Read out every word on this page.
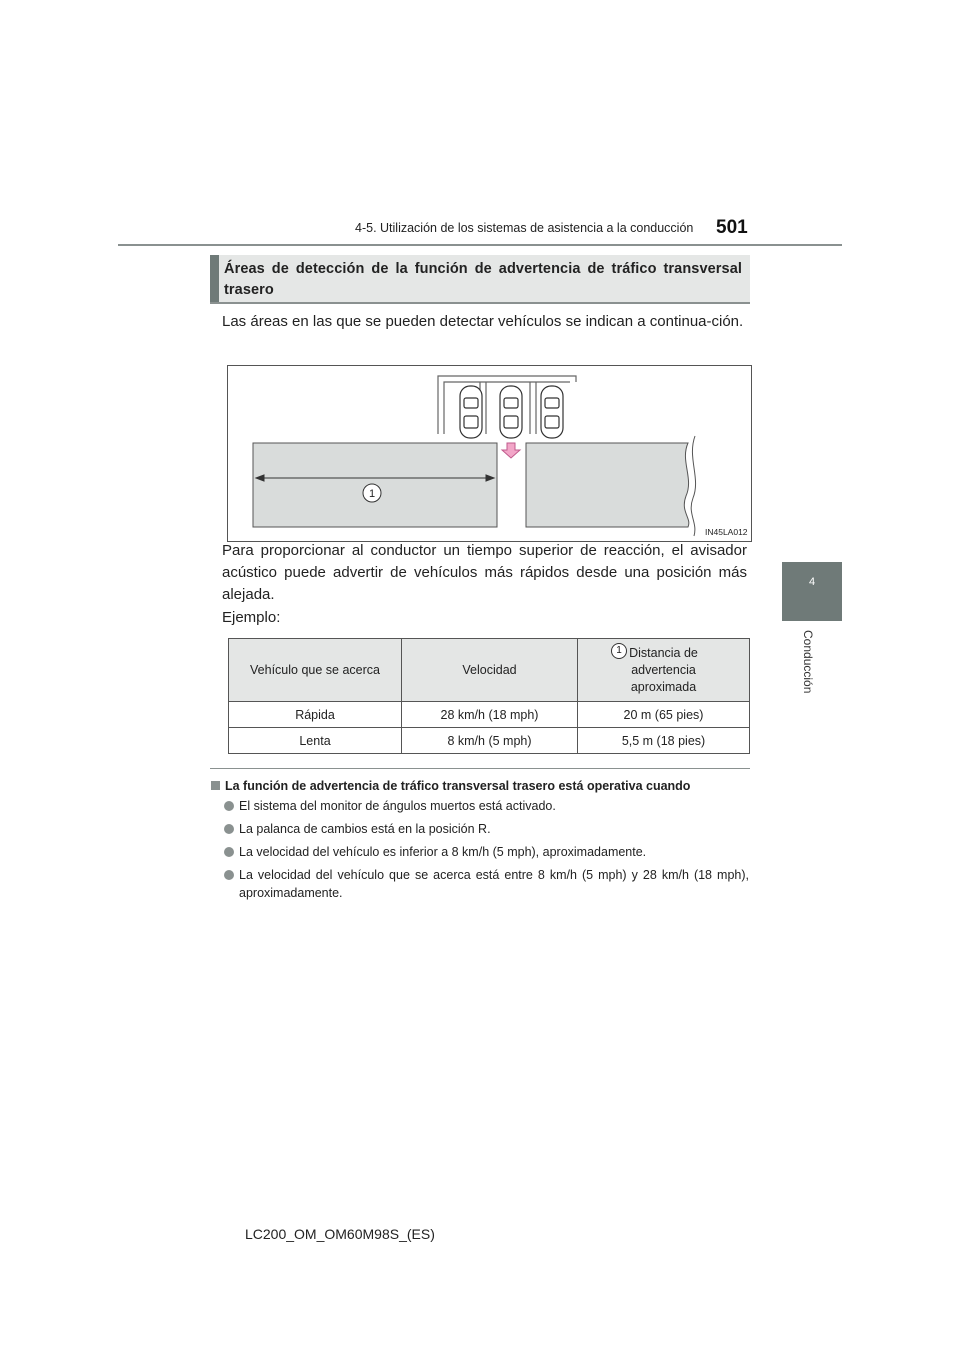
4-5. Utilización de los sistemas de asistencia a la conducción 501
4
Conducción
Áreas de detección de la función de advertencia de tráfico transversal trasero
Las áreas en las que se pueden detectar vehículos se indican a continua-ción.
1
IN45LA012
Para proporcionar al conductor un tiempo superior de reacción, el avisador acústico puede advertir de vehículos más rápidos desde una posición más alejada.
Ejemplo:
Vehículo que se acerca	Velocidad	Distancia de advertencia aproximada

Rápida	28 km/h (18 mph)	20 m (65 pies)
Lenta	8 km/h (5 mph)	5,5 m (18 pies)
1
La función de advertencia de tráfico transversal trasero está operativa cuando
El sistema del monitor de ángulos muertos está activado.
La palanca de cambios está en la posición R.
La velocidad del vehículo es inferior a 8 km/h (5 mph), aproximadamente.
La velocidad del vehículo que se acerca está entre 8 km/h (5 mph) y 28 km/h (18 mph), aproximadamente.
LC200_OM_OM60M98S_(ES)
